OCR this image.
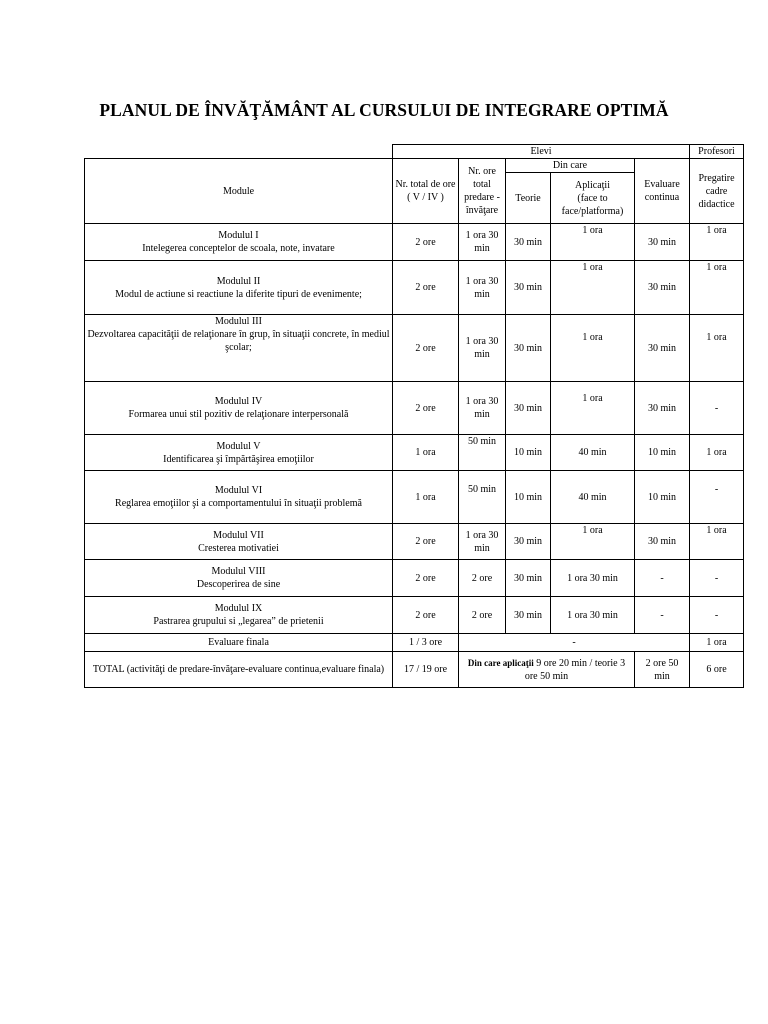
PLANUL DE ÎNVĂŢĂMÂNT AL CURSULUI DE INTEGRARE OPTIMĂ
	Elevi					Profesori
Module	Nr. total de ore ( V / IV )	Nr. ore total predare - învăţare	Din care		Evaluare continua	Pregatire cadre didactice
			Teorie	Aplicaţii
(face to face/platforma)		
Modulul I
Intelegerea conceptelor de scoala, note, invatare	2 ore	1 ora 30 min	30 min	1 ora	30 min	1 ora
Modulul II
Modul de actiune si reactiune la diferite tipuri de evenimente;	2 ore	1 ora 30 min	30 min	1 ora	30 min	1 ora
Modulul III
Dezvoltarea capacităţii de relaţionare în grup, în situaţii concrete, în mediul şcolar;	2 ore	1 ora 30 min	30 min	1 ora	30 min	1 ora
Modulul IV
Formarea unui stil pozitiv de relaţionare interpersonală	2 ore	1 ora 30 min	30 min	1 ora	30 min	-
Modulul V
Identificarea şi împărtăşirea emoţiilor	1 ora	50 min	10 min	40 min	10 min	1 ora
Modulul VI
Reglarea emoţiilor şi a comportamentului în situaţii problemă	1 ora	50 min	10 min	40 min	10 min	-
Modulul VII
Cresterea motivatiei	2 ore	1 ora 30 min	30 min	1 ora	30 min	1 ora
Modulul VIII
Descoperirea de sine	2 ore	2 ore	30 min	1 ora 30 min	-	-
Modulul IX
Pastrarea grupului si „legarea” de prietenii	2 ore	2 ore	30 min	1 ora 30 min	-	-
Evaluare finala	1 / 3 ore	-				1 ora
TOTAL (activităţi de predare-învăţare-evaluare continua,evaluare finala)	17 / 19 ore	Din care aplicaţii 9 ore 20 min / teorie 3 ore 50 min			2 ore 50 min	6 ore
